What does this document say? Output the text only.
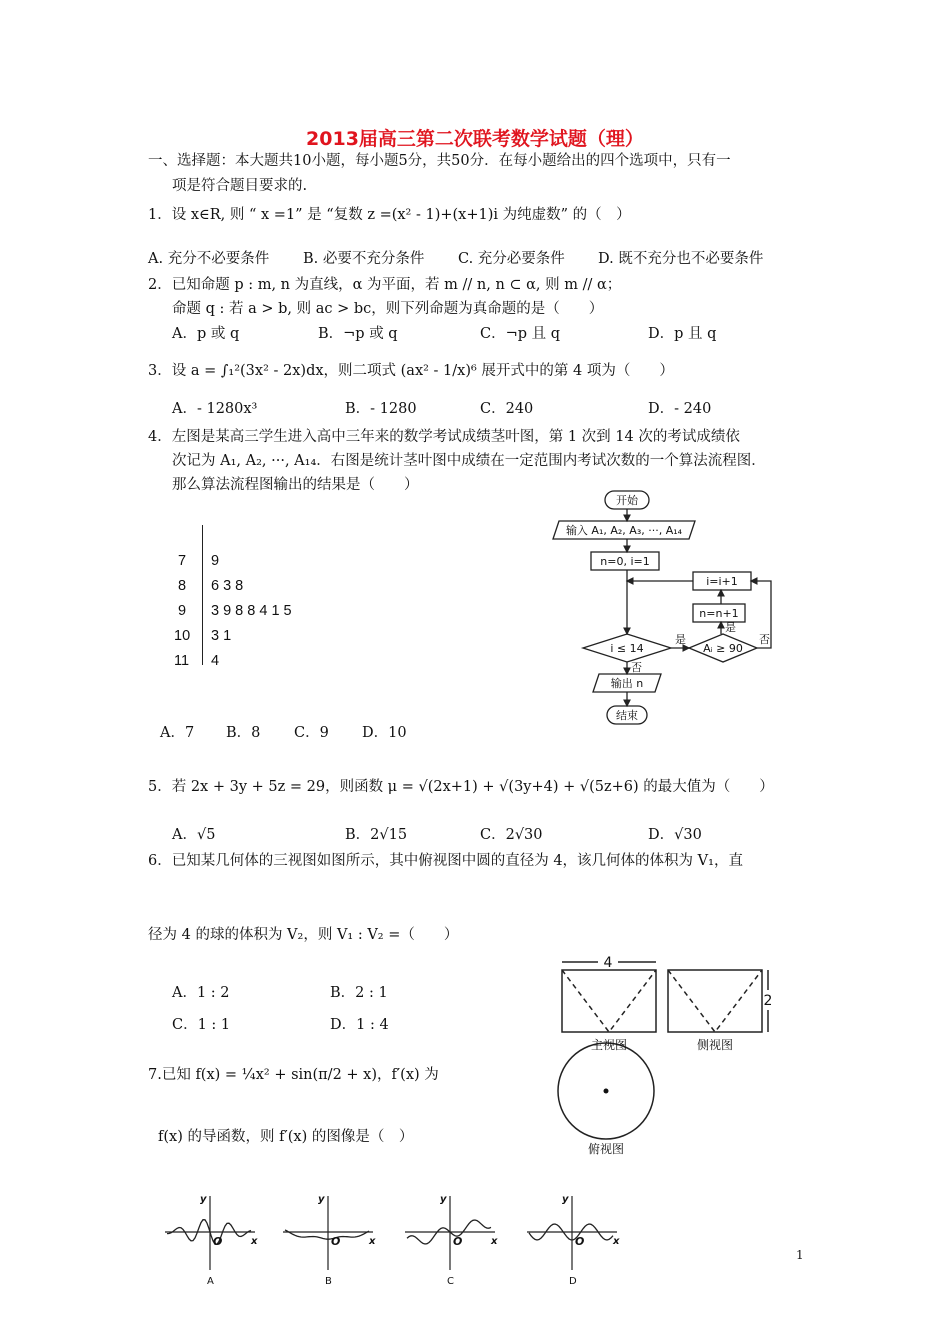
2013届高三第二次联考数学试题（理）
一、选择题：本大题共10小题，每小题5分，共50分．在每小题给出的四个选项中，只有一
项是符合题目要求的.
1．设 x∈R, 则 “ x =1” 是 “复数 z =(x² - 1)+(x+1)i 为纯虚数” 的（　）
A. 充分不必要条件 B. 必要不充分条件 C. 充分必要条件 D. 既不充分也不必要条件
2．已知命题 p : m, n 为直线，α 为平面，若 m // n, n ⊂ α, 则 m // α；
命题 q : 若 a > b, 则 ac > bc，则下列命题为真命题的是（　　）
A．p 或 q	B．¬p 或 q	C．¬p 且 q	D．p 且 q
3．设 a = ∫₁²(3x² - 2x)dx，则二项式 (ax² - 1/x)⁶ 展开式中的第 4 项为（　　）
A．- 1280x³	B．- 1280	C．240	D．- 240
4．左图是某高三学生进入高中三年来的数学考试成绩茎叶图，第 1 次到 14 次的考试成绩依
次记为 A₁, A₂, ···, A₁₄．右图是统计茎叶图中成绩在一定范围内考试次数的一个算法流程图．
那么算法流程图输出的结果是（　　）
7 9
8 6 3 8
9 3 9 8 8 4 1 5
10 3 1
11 4
开始
输入 A₁, A₂, A₃, ···, A₁₄
n=0, i=1
i=i+1
n=n+1
i ≤ 14	Aᵢ ≥ 90
是
是
否
否
输出 n
结束
A．7 B．8 C．9 D．10
5．若 2x + 3y + 5z = 29，则函数 μ = √(2x+1) + √(3y+4) + √(5z+6) 的最大值为（　　）
A．√5	B．2√15	C．2√30	D．√30
6．已知某几何体的三视图如图所示，其中俯视图中圆的直径为 4，该几何体的体积为 V₁，直
径为 4 的球的体积为 V₂，则 V₁ : V₂ =（　　）
A．1 : 2	B．2 : 1
C．1 : 1	D．1 : 4
4
2
主视图	侧视图
俯视图
7.已知 f(x) = ¼x² + sin(π/2 + x)，f′(x) 为
f(x) 的导函数，则 f′(x) 的图像是（　）
y
x
O
A
y
x
O
B
y
x
O
C
y
x
O
D
1
